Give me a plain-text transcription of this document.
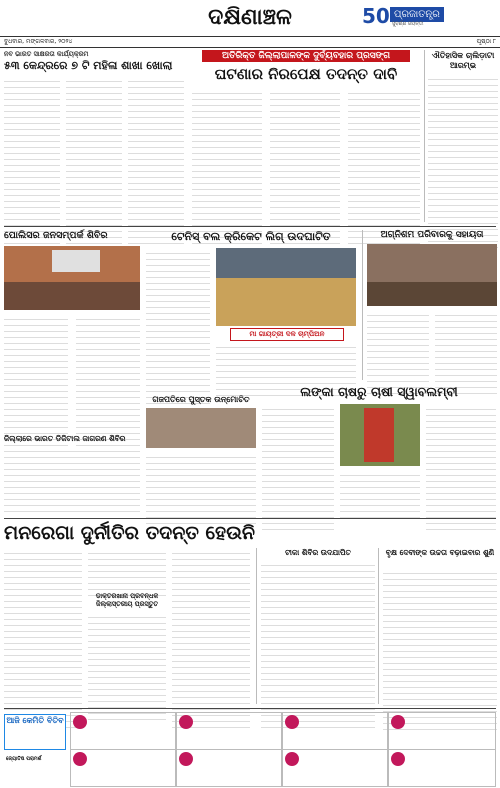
ଦକ୍ଷିଣାଞ୍ଚଳ	50 ପ୍ରଜାତନ୍ତ୍ର
ସୁବର୍ଣ୍ଣ ଜୟନ୍ତୀ
ବୁଧବାର, ମଙ୍ଗଳବାର, ୨୦୨୪	ପୃଷ୍ଠା ୮
ନବ ଭାରତ ସାକ୍ଷରତା କାର୍ଯ୍ୟକ୍ରମ
୫୩ କେନ୍ଦ୍ରରେ ୭ ଟି ମହିଳା ଶାଖା ଖୋଲା
ଅତିରିକ୍ତ ଜିଲ୍ଲାପାଳଙ୍କ ଦୁର୍ବ୍ୟବହାର ପ୍ରସଙ୍ଗ
ଘଟଣାର ନିରପେକ୍ଷ ତଦନ୍ତ ଦାବି
ଐତିହାସିକ ଚାଲିଡ଼ାଟା ଆରମ୍ଭ
ପୋଲିସର ଜନସମ୍ପର୍କ ଶିବିର	ଟେନିସ୍ ବଲ କ୍ରିକେଟ ଲିଗ୍ ଉଦଘାଟିତ
ମା ଗାୟତ୍ରୀ ଦଳ ଚାମ୍ପିଅନ
ଅଗ୍ନିଶମ ପରିବାରକୁ ସହାୟତା
ଜିଲ୍ଲାରେ ଭାରତ ଡିଜିଟାଲ ଜାଗରଣ ଶିବିର
ଗଜପତିରେ ପୁସ୍ତକ ଉନ୍ମୋଚିତ	ଲଙ୍କା ଚାଷରୁ ଚାଷୀ ସ୍ୱାବଲମ୍ବୀ
ମନରେଗା ଦୁର୍ନୀତିର ତଦନ୍ତ ହେଉନି
ଡାକ୍ତରଖାନା ପ୍ରବନ୍ଧକ ଜିଲ୍ଲାସ୍ତରୀୟ ପ୍ରସ୍ତୁତ
ଟୀକା ଶିବିର ଉଦଯାପିତ	ବୃକ୍ଷ ଦେବୀଙ୍କ ଉଚ୍ଚତା ବଢ଼ାଇବାର ଶୁଣି
ଆଜି କେମିତି ବିତିବ
ଜ୍ୟୋତିଷ ପରାମର୍ଶ
